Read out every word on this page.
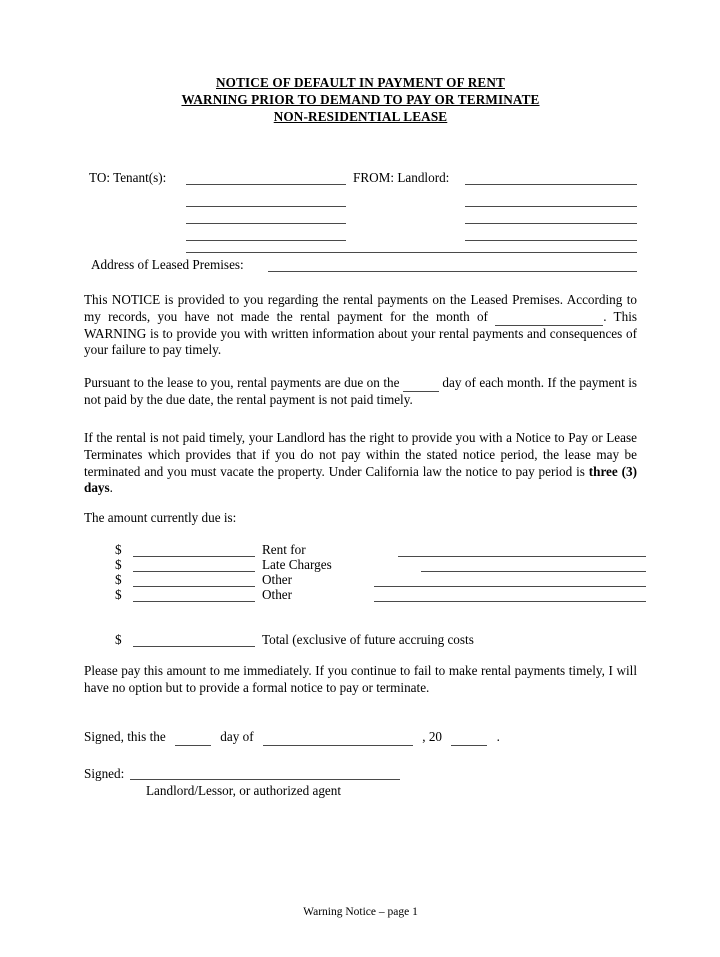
NOTICE OF DEFAULT IN PAYMENT OF RENT
WARNING PRIOR TO DEMAND TO PAY OR TERMINATE
NON-RESIDENTIAL LEASE
TO: Tenant(s):	FROM: Landlord:
Address of Leased Premises:
This NOTICE is provided to you regarding the rental payments on the Leased Premises. According to my records, you have not made the rental payment for the month of	. This WARNING is to provide you with written information about your rental payments and consequences of your failure to pay timely.
Pursuant to the lease to you, rental payments are due on the	day of each month. If the payment is not paid by the due date, the rental payment is not paid timely.
If the rental is not paid timely, your Landlord has the right to provide you with a Notice to Pay or Lease Terminates which provides that if you do not pay within the stated notice period, the lease may be terminated and you must vacate the property. Under California law the notice to pay period is three (3) days.
The amount currently due is:
$	Rent for
$	Late Charges
$	Other
$	Other
$	Total (exclusive of future accruing costs
Please pay this amount to me immediately. If you continue to fail to make rental payments timely, I will have no option but to provide a formal notice to pay or terminate.
Signed, this the	day of	, 20	.
Signed:
Landlord/Lessor, or authorized agent
Warning Notice – page 1
